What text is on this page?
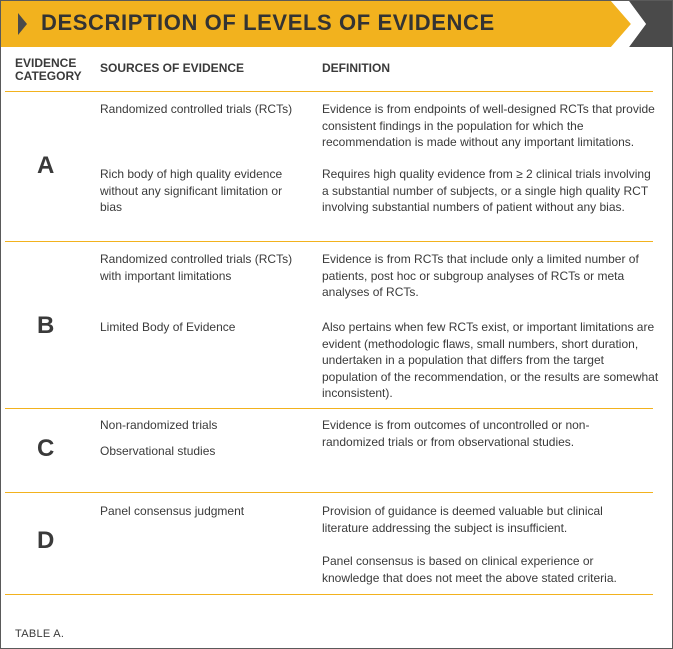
DESCRIPTION OF LEVELS OF EVIDENCE
EVIDENCE
CATEGORY
SOURCES OF EVIDENCE	DEFINITION
A
Randomized controlled trials (RCTs)
Rich body of high quality evidence without any significant limitation or bias
Evidence is from endpoints of well-designed RCTs that provide consistent findings in the population for which the recommendation is made without any important limitations.
Requires high quality evidence from ≥ 2 clinical trials involving a substantial number of subjects, or a single high quality RCT involving substantial numbers of patient without any bias.
B
Randomized controlled trials (RCTs) with important limitations
Limited Body of Evidence
Evidence is from RCTs that include only a limited number of patients, post hoc or subgroup analyses of RCTs or meta analyses of RCTs.
Also pertains when few RCTs exist, or important limitations are evident (methodologic flaws, small numbers, short duration, undertaken in a population that differs from the target population of the recommendation, or the results are somewhat inconsistent).
C
Non-randomized trials
Observational studies
Evidence is from outcomes of uncontrolled or non-randomized trials or from observational studies.
D
Panel consensus judgment	Provision of guidance is deemed valuable but clinical literature addressing the subject is insufficient.
Panel consensus is based on clinical experience or knowledge that does not meet the above stated criteria.
TABLE A.
